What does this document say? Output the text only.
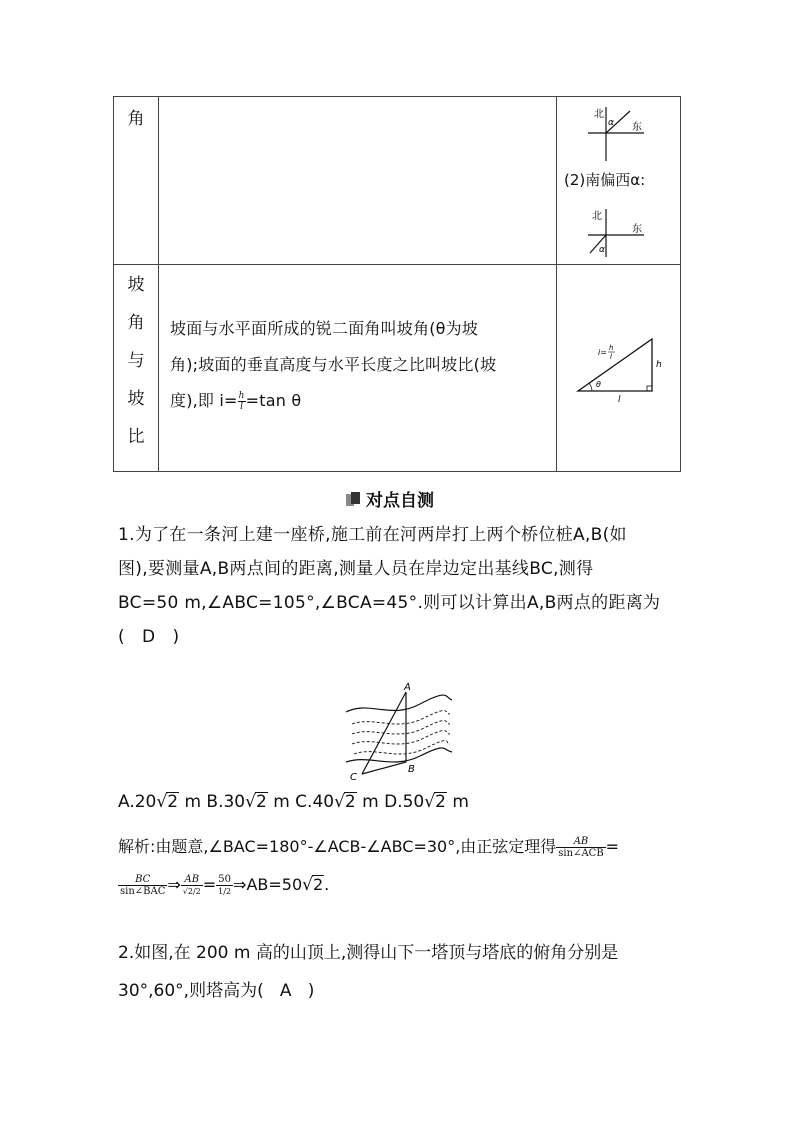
角	北
东
α
(2)南偏西α:
北
东
α
坡
角
与
坡
比
坡面与水平面所成的锐二面角叫坡角(θ为坡
角);坡面的垂直高度与水平长度之比叫坡比(坡
度),即 $i= \frac{h}{l} =\tan$ θ
θ
h
l
i= h
l
对点自测
1.为了在一条河上建一座桥,施工前在河两岸打上两个桥位桩A,B(如
图),要测量A,B两点间的距离,测量人员在岸边定出基线BC,测得
BC=50 m,∠ABC=105°,∠BCA=45°.则可以计算出A,B两点的距离为
(   D   )
A
B
C
A.20√2 m B.30√2 m C.40√2 m D.50√2 m
解析:由题意,∠BAC=180°-∠ACB-∠ABC=30°,由正弦定理得 $\frac{AB}{\text{sin∠ACB}}$ =
$\frac{BC}{\text{sin∠BAC}}$ ⇒ $\frac{AB}{√2/2} = \frac{50}{1/2}$ ⇒AB=50√2.
2.如图,在 200 m 高的山顶上,测得山下一塔顶与塔底的俯角分别是
30°,60°,则塔高为(   A   )
